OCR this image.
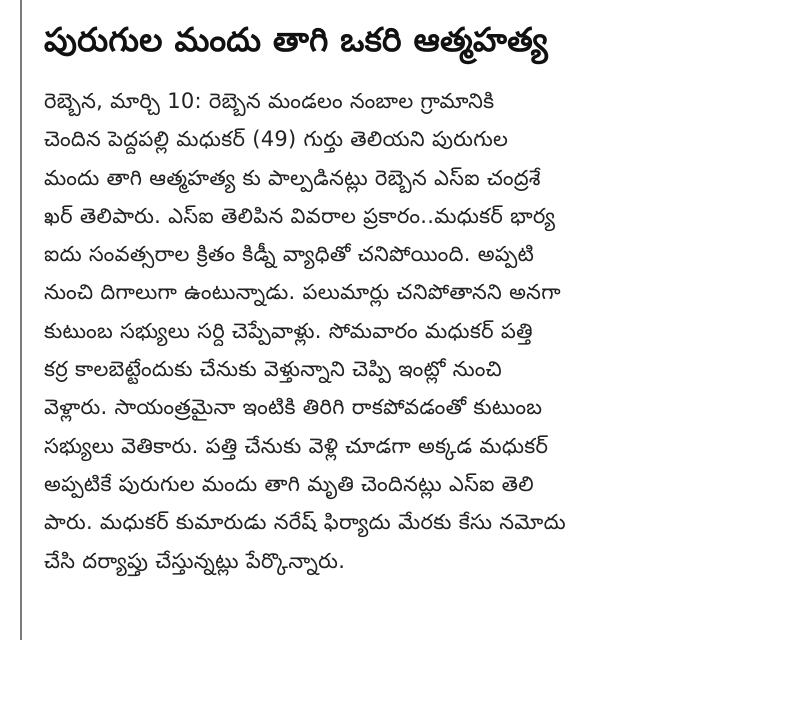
పురుగుల మందు తాగి ఒకరి ఆత్మహత్య
రెబ్బెన, మార్చి 10: రెబ్బెన మండలం నంబాల గ్రామానికి
చెందిన పెద్దపల్లి మధుకర్ (49) గుర్తు తెలియని పురుగుల
మందు తాగి ఆత్మహత్య కు పాల్పడినట్లు రెబ్బెన ఎస్ఐ చంద్రశే
ఖర్ తెలిపారు. ఎస్ఐ తెలిపిన వివరాల ప్రకారం..మధుకర్ భార్య
ఐదు సంవత్సరాల క్రితం కిడ్నీ వ్యాధితో చనిపోయింది. అప్పటి
నుంచి దిగాలుగా ఉంటున్నాడు. పలుమార్లు చనిపోతానని అనగా
కుటుంబ సభ్యులు సర్ది చెప్పేవాళ్లు. సోమవారం మధుకర్ పత్తి
కర్ర కాలబెట్టేందుకు చేనుకు వెళ్తున్నాని చెప్పి ఇంట్లో నుంచి
వెళ్లారు. సాయంత్రమైనా ఇంటికి తిరిగి రాకపోవడంతో కుటుంబ
సభ్యులు వెతికారు. పత్తి చేనుకు వెళ్లి చూడగా అక్కడ మధుకర్
అప్పటికే పురుగుల మందు తాగి మృతి చెందినట్లు ఎస్ఐ తెలి
పారు. మధుకర్ కుమారుడు నరేష్ ఫిర్యాదు మేరకు కేసు నమోదు
చేసి దర్యాప్తు చేస్తున్నట్లు పేర్కొన్నారు.
